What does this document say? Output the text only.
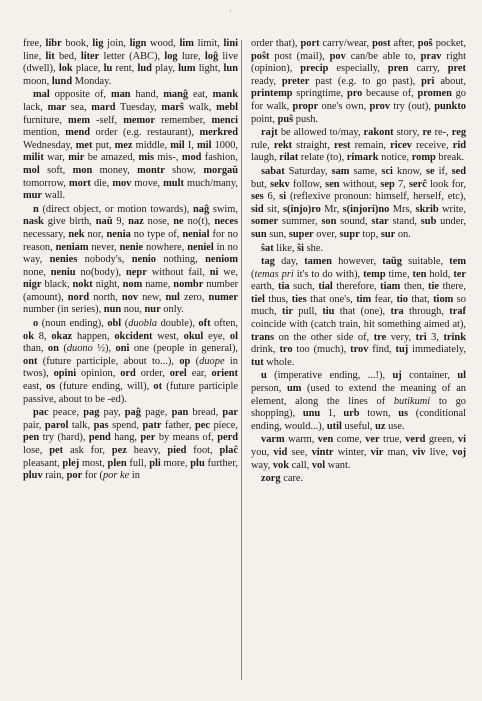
·

free, libr book, lig join, lign wood, lim limit, lini line, lit bed, liter letter (ABC), log lure, loĝ live (dwell), lok place, lu rent, lud play, lum light, lun moon, lund Monday.

mal opposite of, man hand, manĝ eat, mank lack, mar sea, mard Tuesday, marŝ walk, mebl furniture, mem -self, memor remember, menci mention, mend order (e.g. restaurant), merkred Wednesday, met put, mez middle, mil I, mil 1000, milit war, mir be amazed, mis mis-, mod fashion, mol soft, mon money, montr show, morgaŭ tomorrow, mort die, mov move, mult much/many, mur wall.

n (direct object, or motion towards), naĝ swim, nask give birth, naŭ 9, naz nose, ne no(t), neces necessary, nek nor, nenia no type of, nenial for no reason, neniam never, nenie nowhere, neniel in no way, nenies nobody's, nenio nothing, neniom none, neniu no(body), nepr without fail, ni we, nigr black, nokt night, nom name, nombr number (amount), nord north, nov new, nul zero, numer number (in series), nun nou, nur only.

o (noun ending), obl (duobla double), oft often, ok 8, okaz happen, okcident west, okul eye, ol than, on (duono ½), oni one (people in general), ont (future participle, about to...), op (duope in twos), opini opinion, ord order, orel ear, orient east, os (future ending, will), ot (future participle passive, about to be -ed).

pac peace, pag pay, paĝ page, pan bread, par pair, parol talk, pas spend, patr father, pec piece, pen try (hard), pend hang, per by means of, perd lose, pet ask for, pez heavy, pied foot, plaĉ pleasant, plej most, plen full, pli more, plu further, pluv rain, por for (por ke in

order that), port carry/wear, post after, poŝ pocket, poŝt post (mail), pov can/be able to, prav right (opinion), precip especially, pren carry, pret ready, preter past (e.g. to go past), pri about, printemp springtime, pro because of, promen go for walk, propr one's own, prov try (out), punkto point, puŝ push.

rajt be allowed to/may, rakont story, re re-, reg rule, rekt straight, rest remain, ricev receive, rid laugh, rilat relate (to), rimark notice, romp break.

sabat Saturday, sam same, sci know, se if, sed but, sekv follow, sen without, sep 7, serĉ look for, ses 6, si (reflexive pronoun: himself, herself, etc), sid sit, s(injo)ro Mr, s(injori)no Mrs, skrib write, somer summer, son sound, star stand, sub under, sun sun, super over, supr top, sur on.

ŝat like, ŝi she.

tag day, tamen however, taŭg suitable, tem (temas pri it's to do with), temp time, ten hold, ter earth, tia such, tial therefore, tiam then, tie there, tiel thus, ties that one's, tim fear, tio that, tiom so much, tir pull, tiu that (one), tra through, traf coincide with (catch train, hit something aimed at), trans on the other side of, tre very, tri 3, trink drink, tro too (much), trov find, tuj immediately, tut whole.

u (imperative ending, ...!), uj container, ul person, um (used to extend the meaning of an element, along the lines of butikumi to go shopping), unu 1, urb town, us (conditional ending, would...), util useful, uz use.

varm warm, ven come, ver true, verd green, vi you, vid see, vintr winter, vir man, viv live, voj way, vok call, vol want.

zorg care.
